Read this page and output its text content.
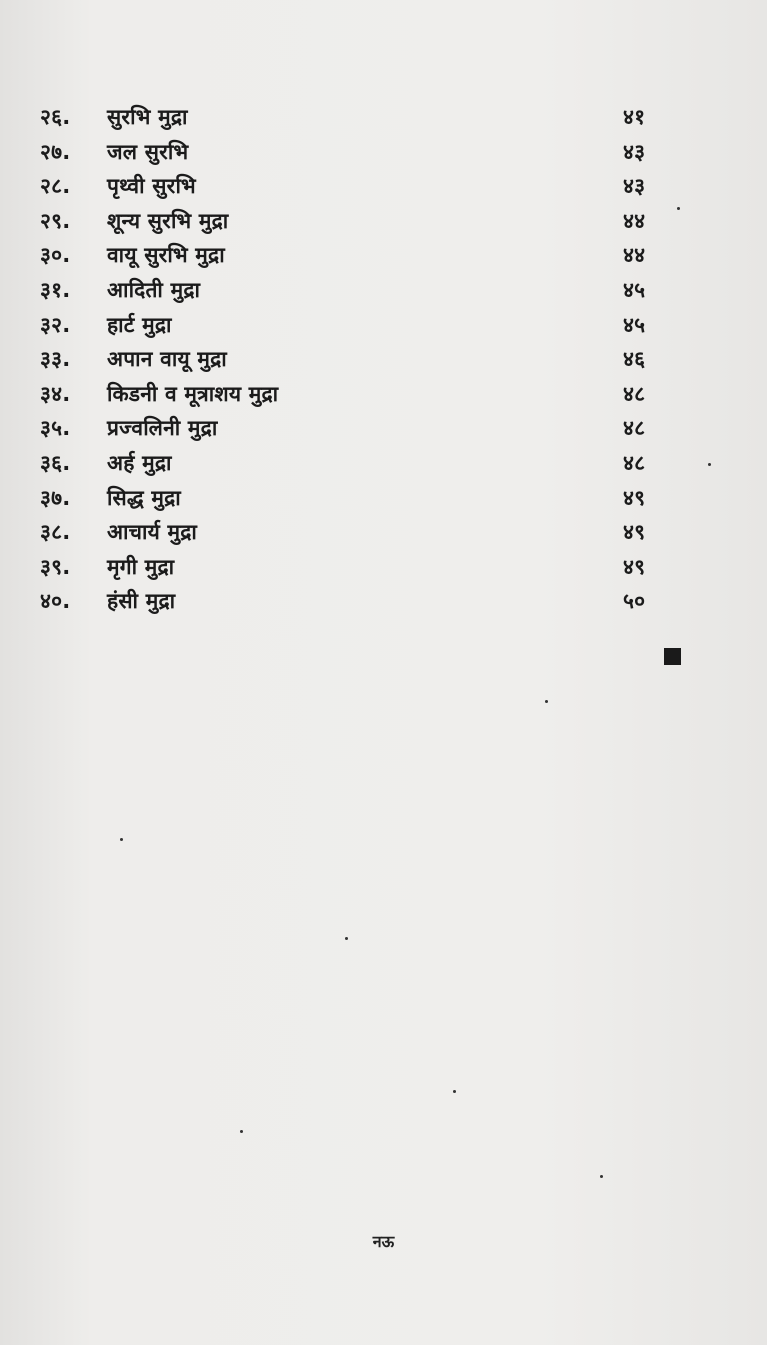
२६. सुरभि मुद्रा	४१
२७. जल सुरभि	४३
२८. पृथ्वी सुरभि	४३
२९. शून्य सुरभि मुद्रा	४४
३०. वायू सुरभि मुद्रा	४४
३१. आदिती मुद्रा	४५
३२. हार्ट मुद्रा	४५
३३. अपान वायू मुद्रा	४६
३४. किडनी व मूत्राशय मुद्रा	४८
३५. प्रज्वलिनी मुद्रा	४८
३६. अर्ह मुद्रा	४८
३७. सिद्ध मुद्रा	४९
३८. आचार्य मुद्रा	४९
३९. मृगी मुद्रा	४९
४०. हंसी मुद्रा	५०
नऊ
